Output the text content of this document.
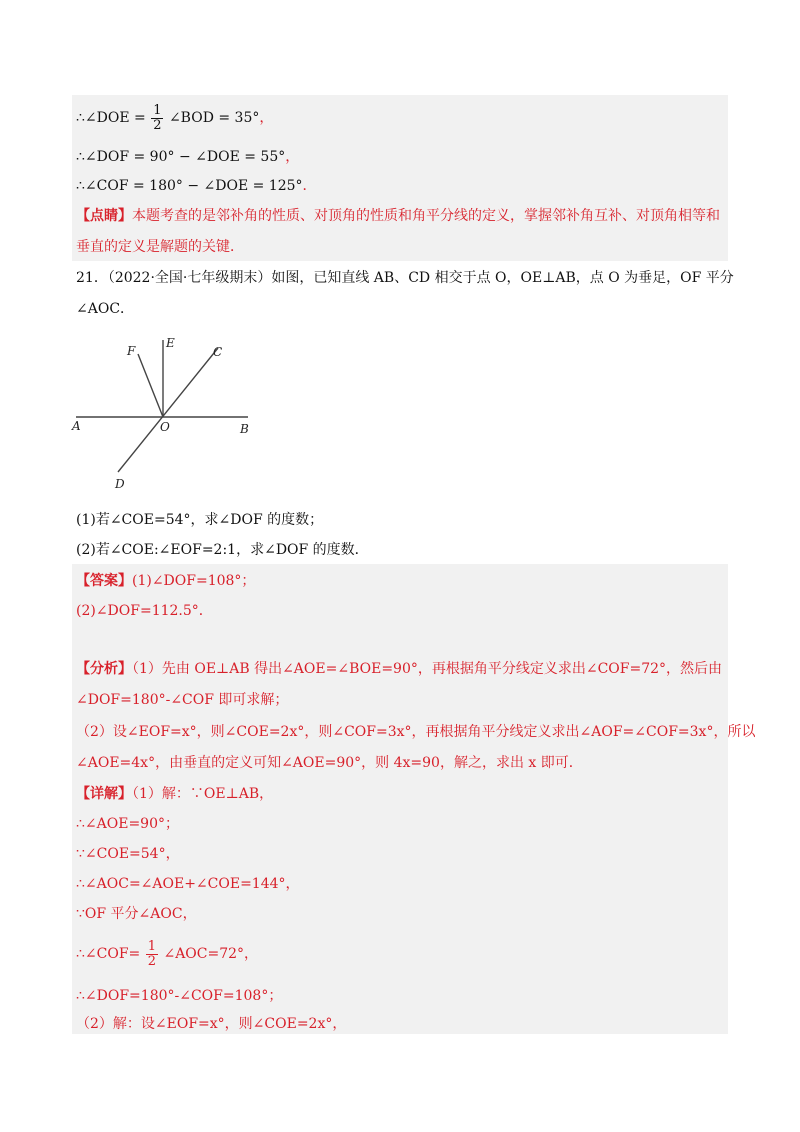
∴∠DOE = $\frac{1}{2}$ ∠BOD = 35°，
∴∠DOF = 90° − ∠DOE = 55°，
∴∠COF = 180° − ∠DOE = 125°．
【点睛】本题考查的是邻补角的性质、对顶角的性质和角平分线的定义，掌握邻补角互补、对顶角相等和
垂直的定义是解题的关键．
21．（2022·全国·七年级期末）如图，已知直线 AB、CD 相交于点 O，OE⊥AB，点 O 为垂足，OF 平分
∠AOC．
A	B
C
D
E
F
O
(1)若∠COE=54°，求∠DOF 的度数；
(2)若∠COE:∠EOF=2:1，求∠DOF 的度数．
【答案】(1)∠DOF=108°；
(2)∠DOF=112.5°．
【分析】（1）先由 OE⊥AB 得出∠AOE=∠BOE=90°，再根据角平分线定义求出∠COF=72°，然后由
∠DOF=180°-∠COF 即可求解；
（2）设∠EOF=x°，则∠COE=2x°，则∠COF=3x°，再根据角平分线定义求出∠AOF=∠COF=3x°，所以
∠AOE=4x°，由垂直的定义可知∠AOE=90°，则 4x=90，解之，求出 x 即可．
【详解】（1）解：∵OE⊥AB，
∴∠AOE=90°；
∵∠COE=54°，
∴∠AOC=∠AOE+∠COE=144°，
∵OF 平分∠AOC，
∴∠COF= $\frac{1}{2}$ ∠AOC=72°，
∴∠DOF=180°-∠COF=108°；
（2）解：设∠EOF=x°，则∠COE=2x°，
